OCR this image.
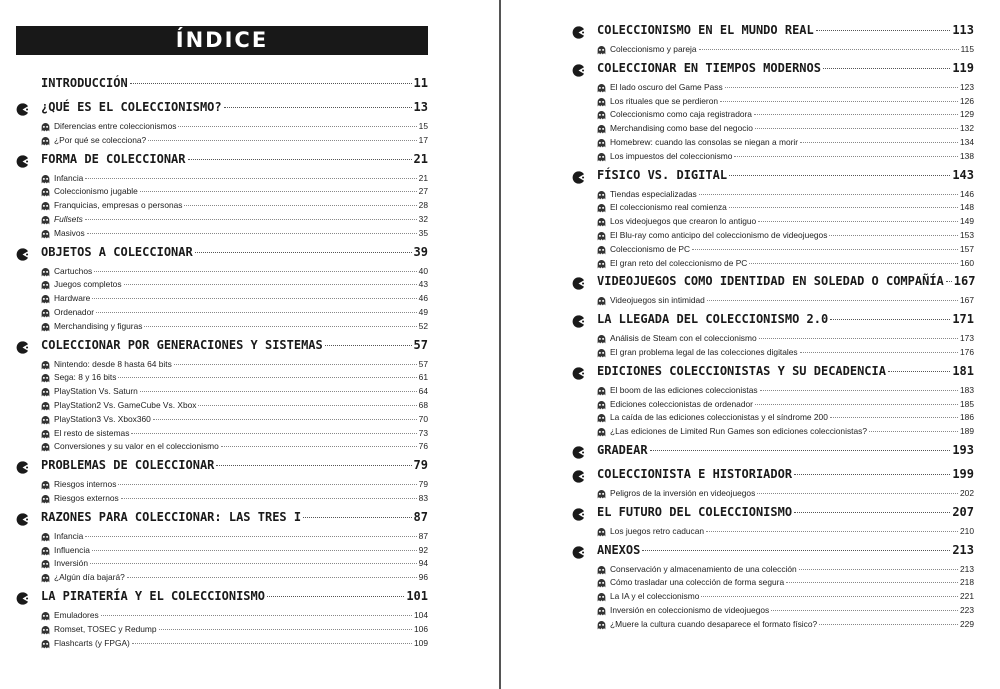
ÍNDICE
INTRODUCCIÓN	11
¿QUÉ ES EL COLECCIONISMO?	13
Diferencias entre coleccionismos	15
¿Por qué se colecciona?	17
FORMA DE COLECCIONAR	21
Infancia	21
Coleccionismo jugable	27
Franquicias, empresas o personas	28
Fullsets	32
Masivos	35
OBJETOS A COLECCIONAR	39
Cartuchos	40
Juegos completos	43
Hardware	46
Ordenador	49
Merchandising y figuras	52
COLECCIONAR POR GENERACIONES Y SISTEMAS	57
Nintendo: desde 8 hasta 64 bits	57
Sega: 8 y 16 bits	61
PlayStation Vs. Saturn	64
PlayStation2 Vs. GameCube Vs. Xbox	68
PlayStation3 Vs. Xbox360	70
El resto de sistemas	73
Conversiones y su valor en el coleccionismo	76
PROBLEMAS DE COLECCIONAR	79
Riesgos internos	79
Riesgos externos	83
RAZONES PARA COLECCIONAR: LAS TRES I	87
Infancia	87
Influencia	92
Inversión	94
¿Algún día bajará?	96
LA PIRATERÍA Y EL COLECCIONISMO	101
Emuladores	104
Romset, TOSEC y Redump	106
Flashcarts (y FPGA)	109
COLECCIONISMO EN EL MUNDO REAL	113
Coleccionismo y pareja	115
COLECCIONAR EN TIEMPOS MODERNOS	119
El lado oscuro del Game Pass	123
Los rituales que se perdieron	126
Coleccionismo como caja registradora	129
Merchandising como base del negocio	132
Homebrew: cuando las consolas se niegan a morir	134
Los impuestos del coleccionismo	138
FÍSICO VS. DIGITAL	143
Tiendas especializadas	146
El coleccionismo real comienza	148
Los videojuegos que crearon lo antiguo	149
El Blu-ray como anticipo del coleccionismo de videojuegos	153
Coleccionismo de PC	157
El gran reto del coleccionismo de PC	160
VIDEOJUEGOS COMO IDENTIDAD EN SOLEDAD O COMPAÑÍA 167
Videojuegos sin intimidad	167
LA LLEGADA DEL COLECCIONISMO 2.0	171
Análisis de Steam con el coleccionismo	173
El gran problema legal de las colecciones digitales	176
EDICIONES COLECCIONISTAS Y SU DECADENCIA	181
El boom de las ediciones coleccionistas	183
Ediciones coleccionistas de ordenador	185
La caída de las ediciones coleccionistas y el síndrome 200	186
¿Las ediciones de Limited Run Games son ediciones coleccionistas?	189
GRADEAR	193
COLECCIONISTA E HISTORIADOR	199
Peligros de la inversión en videojuegos	202
EL FUTURO DEL COLECCIONISMO	207
Los juegos retro caducan	210
ANEXOS	213
Conservación y almacenamiento de una colección	213
Cómo trasladar una colección de forma segura	218
La IA y el coleccionismo	221
Inversión en coleccionismo de videojuegos	223
¿Muere la cultura cuando desaparece el formato físico?	229
